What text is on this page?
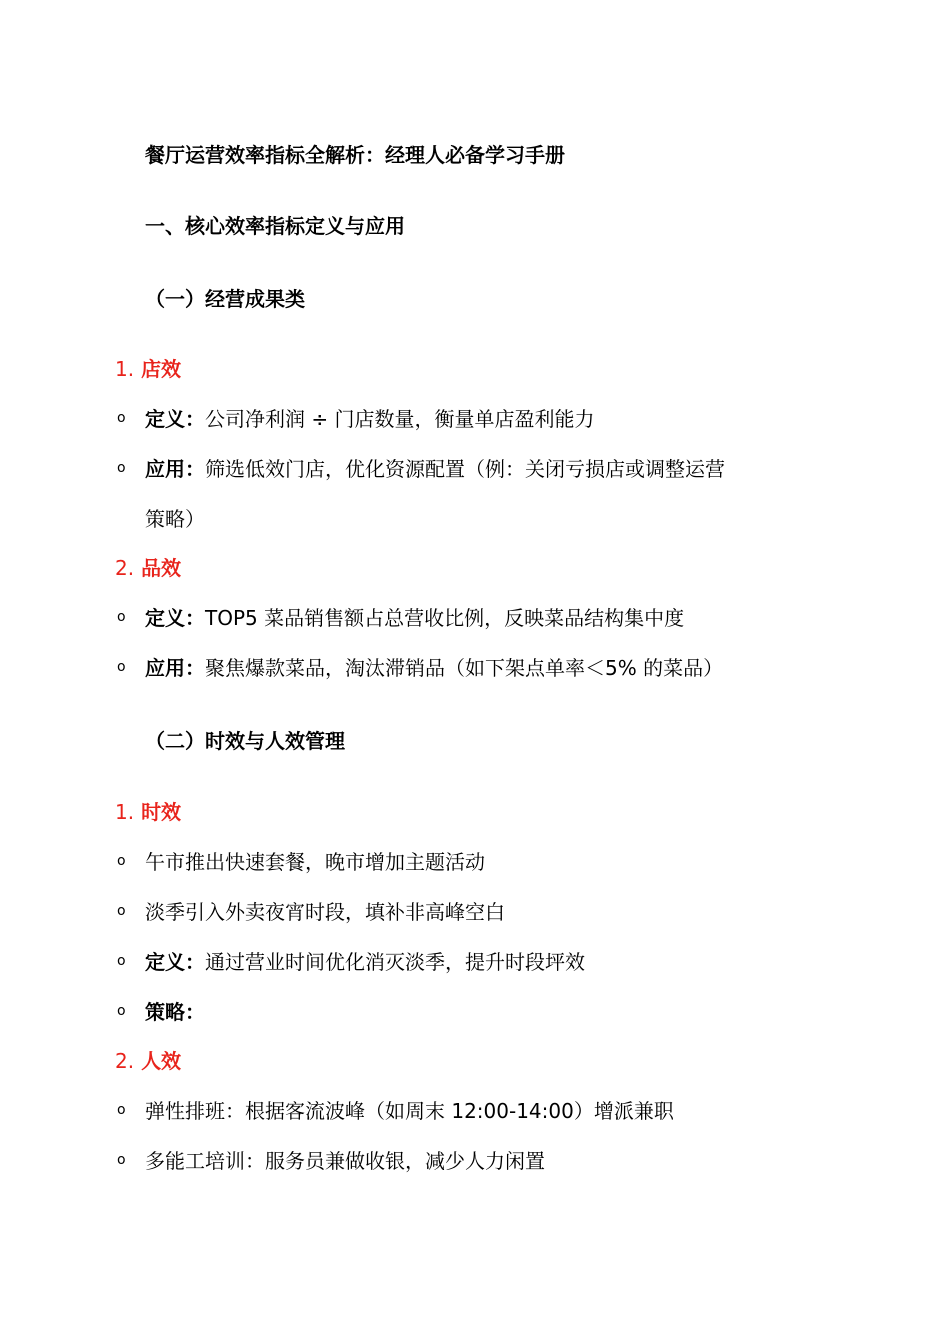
餐厅运营效率指标全解析：经理人必备学习手册
一、核心效率指标定义与应用
（一）经营成果类
1. 店效
o 定义：公司净利润 ÷ 门店数量，衡量单店盈利能力
o 应用：筛选低效门店，优化资源配置（例：关闭亏损店或调整运营
策略）
2. 品效
o 定义：TOP5 菜品销售额占总营收比例，反映菜品结构集中度
o 应用：聚焦爆款菜品，淘汰滞销品（如下架点单率＜5% 的菜品）
（二）时效与人效管理
1. 时效
o 午市推出快速套餐，晚市增加主题活动
o 淡季引入外卖夜宵时段，填补非高峰空白
o 定义：通过营业时间优化消灭淡季，提升时段坪效
o 策略：
2. 人效
o 弹性排班：根据客流波峰（如周末 12:00-14:00）增派兼职
o 多能工培训：服务员兼做收银，减少人力闲置
